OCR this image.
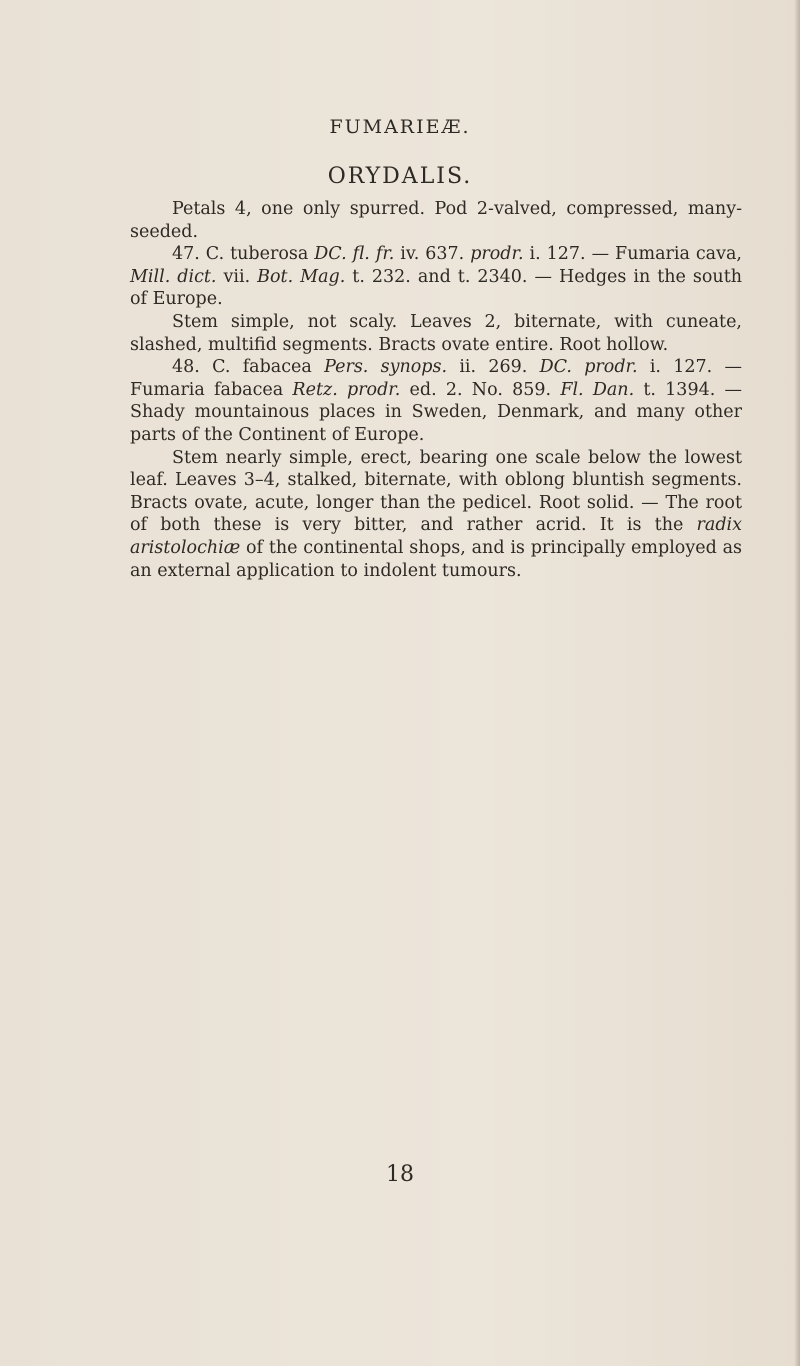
FUMARIEÆ.
ORYDALIS.

Petals 4, one only spurred. Pod 2-valved, compressed, many-seeded.

47. C. tuberosa DC. fl. fr. iv. 637. prodr. i. 127. — Fumaria cava, Mill. dict. vii. Bot. Mag. t. 232. and t. 2340. — Hedges in the south of Europe.

Stem simple, not scaly. Leaves 2, biternate, with cuneate, slashed, multifid segments. Bracts ovate entire. Root hollow.

48. C. fabacea Pers. synops. ii. 269. DC. prodr. i. 127. — Fumaria fabacea Retz. prodr. ed. 2. No. 859. Fl. Dan. t. 1394. — Shady mountainous places in Sweden, Denmark, and many other parts of the Continent of Europe.

Stem nearly simple, erect, bearing one scale below the lowest leaf. Leaves 3–4, stalked, biternate, with oblong bluntish segments. Bracts ovate, acute, longer than the pedicel. Root solid. — The root of both these is very bitter, and rather acrid. It is the radix aristolochiæ of the continental shops, and is principally employed as an external application to indolent tumours.

18
